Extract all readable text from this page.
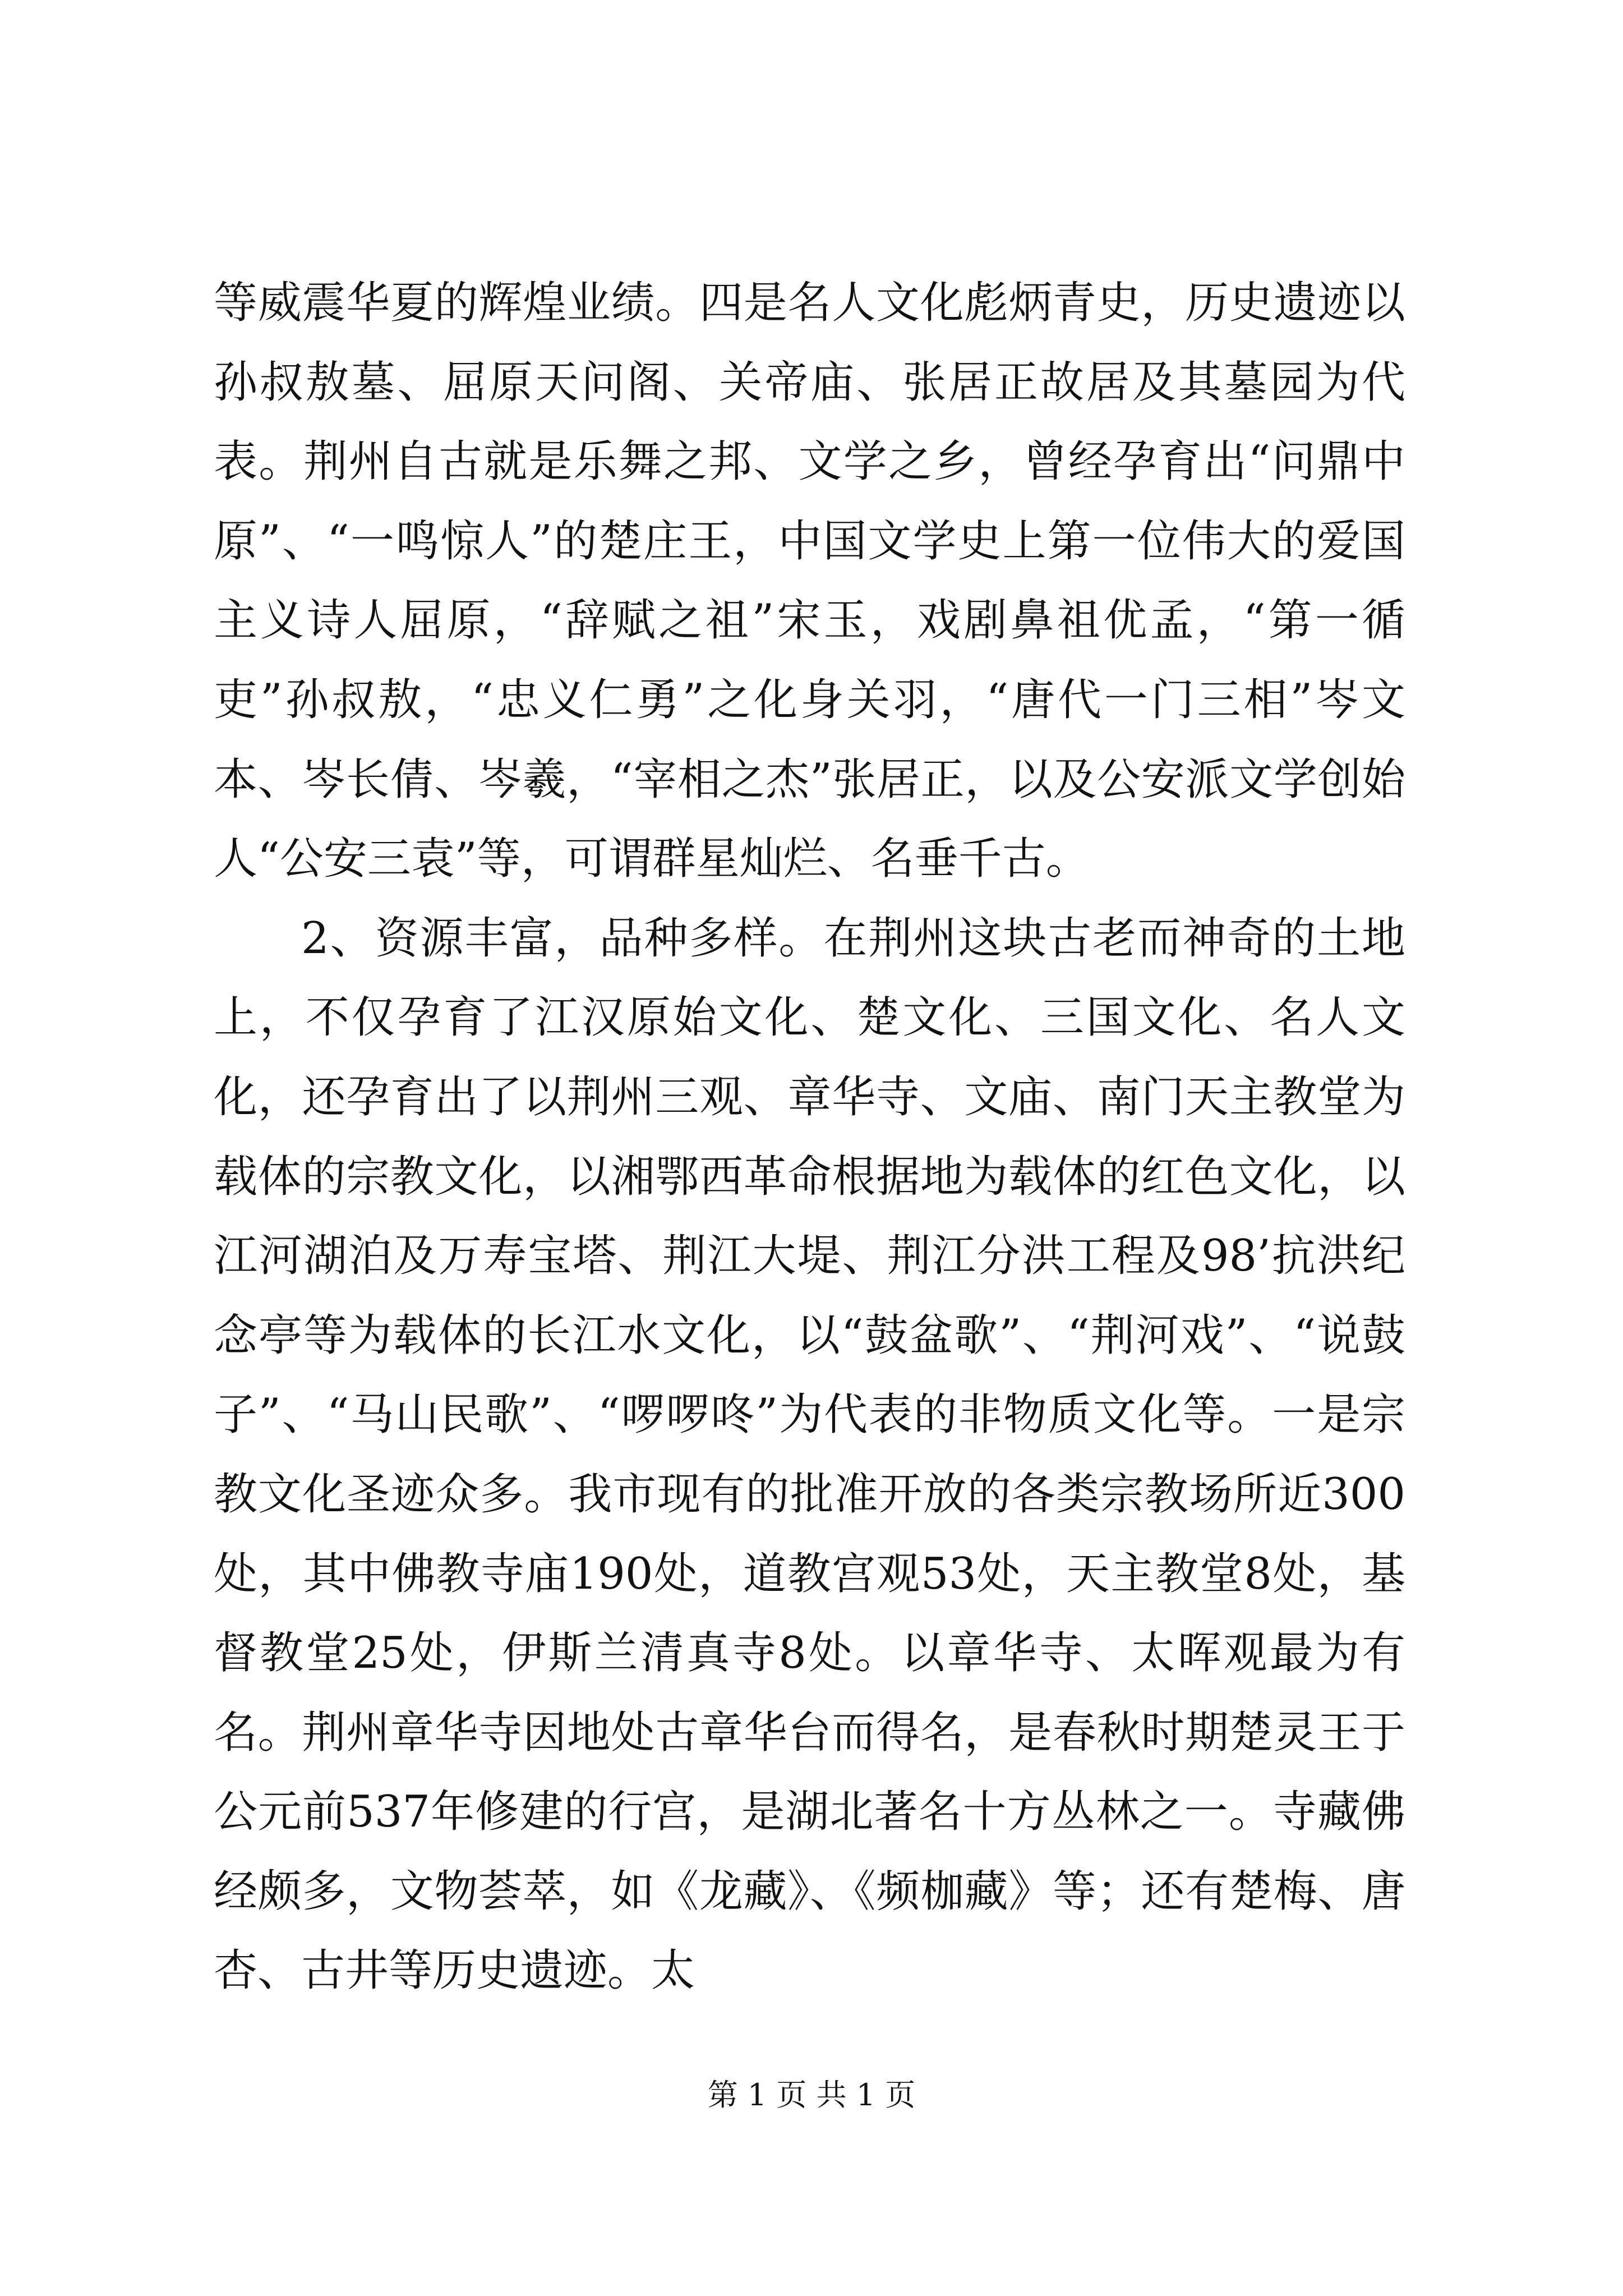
等威震华夏的辉煌业绩。四是名人文化彪炳青史，历史遗迹以孙叔敖墓、屈原天问阁、关帝庙、张居正故居及其墓园为代表。荆州自古就是乐舞之邦、文学之乡，曾经孕育出“问鼎中原”、“一鸣惊人”的楚庄王，中国文学史上第一位伟大的爱国主义诗人屈原，“辞赋之祖”宋玉，戏剧鼻祖优孟，“第一循吏”孙叔敖，“忠义仁勇”之化身关羽，“唐代一门三相”岑文本、岑长倩、岑羲，“宰相之杰”张居正，以及公安派文学创始人“公安三袁”等，可谓群星灿烂、名垂千古。

2、资源丰富，品种多样。在荆州这块古老而神奇的土地上，不仅孕育了江汉原始文化、楚文化、三国文化、名人文化，还孕育出了以荆州三观、章华寺、文庙、南门天主教堂为载体的宗教文化，以湘鄂西革命根据地为载体的红色文化，以江河湖泊及万寿宝塔、荆江大堤、荆江分洪工程及98’抗洪纪念亭等为载体的长江水文化，以“鼓盆歌”、“荆河戏”、“说鼓子”、“马山民歌”、“啰啰咚”为代表的非物质文化等。一是宗教文化圣迹众多。我市现有的批准开放的各类宗教场所近300处，其中佛教寺庙190处，道教宫观53处，天主教堂8处，基督教堂25处，伊斯兰清真寺8处。以章华寺、太晖观最为有名。荆州章华寺因地处古章华台而得名，是春秋时期楚灵王于公元前537年修建的行宫，是湖北著名十方丛林之一。寺藏佛经颇多，文物荟萃，如《龙藏》、《频枷藏》等；还有楚梅、唐杏、古井等历史遗迹。太

第 1 页 共 1 页
